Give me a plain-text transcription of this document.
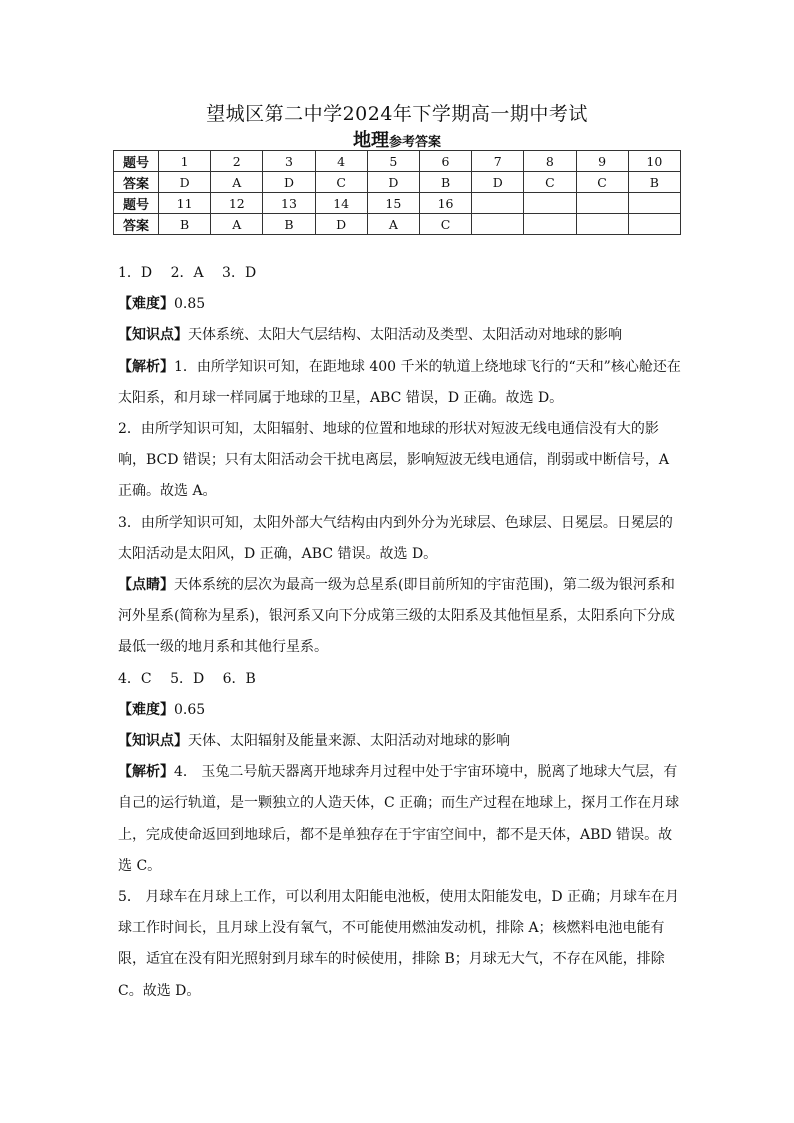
望城区第二中学2024年下学期高一期中考试
地理参考答案
题号	1	2	3	4	5	6	7	8	9	10
答案	D	A	D	C	D	B	D	C	C	B
题号	11	12	13	14	15	16				
答案	B	A	B	D	A	C				

1．D　 2．A　 3．D

【难度】0.85

【知识点】天体系统、太阳大气层结构、太阳活动及类型、太阳活动对地球的影响

【解析】1．由所学知识可知，在距地球 400 千米的轨道上绕地球飞行的“天和”核心舱还在太阳系，和月球一样同属于地球的卫星，ABC 错误，D 正确。故选 D。

2．由所学知识可知，太阳辐射、地球的位置和地球的形状对短波无线电通信没有大的影响，BCD 错误；只有太阳活动会干扰电离层，影响短波无线电通信，削弱或中断信号，A 正确。故选 A。

3．由所学知识可知，太阳外部大气结构由内到外分为光球层、色球层、日冕层。日冕层的太阳活动是太阳风，D 正确，ABC 错误。故选 D。

【点睛】天体系统的层次为最高一级为总星系(即目前所知的宇宙范围)，第二级为银河系和河外星系(简称为星系)，银河系又向下分成第三级的太阳系及其他恒星系，太阳系向下分成最低一级的地月系和其他行星系。

4．C　 5．D　 6．B

【难度】0.65

【知识点】天体、太阳辐射及能量来源、太阳活动对地球的影响

【解析】4． 玉兔二号航天器离开地球奔月过程中处于宇宙环境中，脱离了地球大气层，有自己的运行轨道，是一颗独立的人造天体，C 正确；而生产过程在地球上，探月工作在月球上，完成使命返回到地球后，都不是单独存在于宇宙空间中，都不是天体，ABD 错误。故选 C。

5． 月球车在月球上工作，可以利用太阳能电池板，使用太阳能发电，D 正确；月球车在月球工作时间长，且月球上没有氧气，不可能使用燃油发动机，排除 A；核燃料电池电能有限，适宜在没有阳光照射到月球车的时候使用，排除 B；月球无大气，不存在风能，排除 C。故选 D。
